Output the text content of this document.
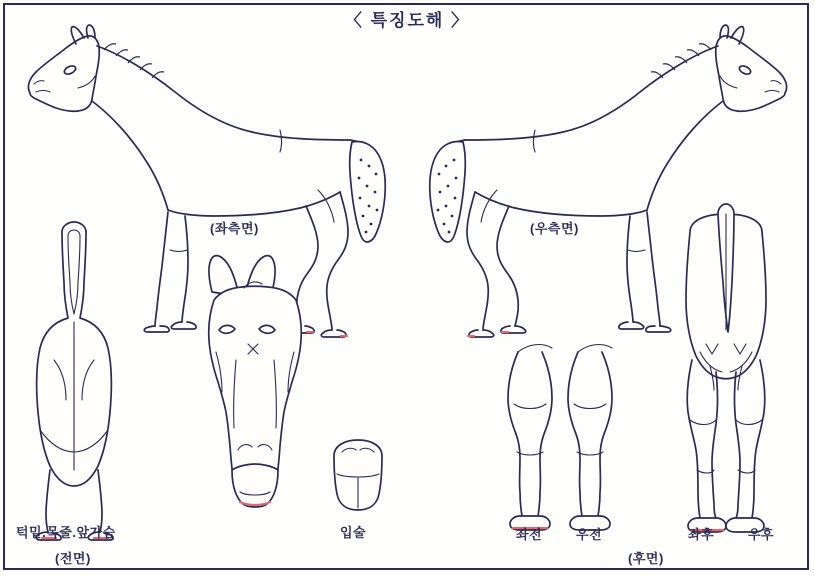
〈 특징도해 〉
(좌측면)	(우측면)
턱밑.목줄.앞가슴
(전면)
입술
(후면)
좌전	우전	좌후	우후
